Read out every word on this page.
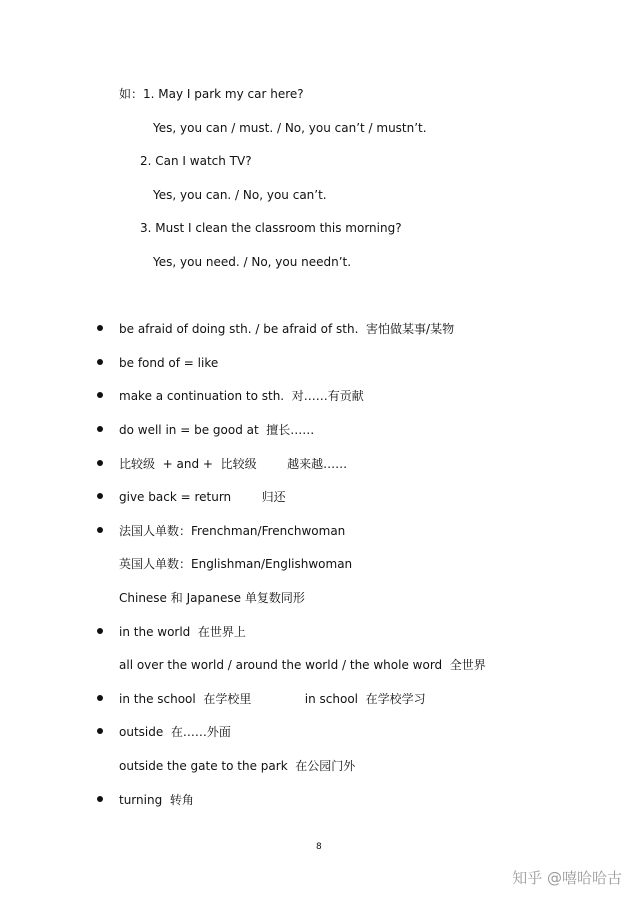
如：1. May I park my car here?
Yes, you can / must. / No, you can’t / mustn’t.
2. Can I watch TV?
Yes, you can. / No, you can’t.
3. Must I clean the classroom this morning?
Yes, you need. / No, you needn’t.
be afraid of doing sth. / be afraid of sth.  害怕做某事/某物
be fond of = like
make a continuation to sth.  对……有贡献
do well in = be good at  擅长……
比较级  + and +  比较级        越来越……
give back = return        归还
法国人单数：Frenchman/Frenchwoman
英国人单数：Englishman/Englishwoman
Chinese 和 Japanese 单复数同形
in the world  在世界上
all over the world / around the world / the whole word  全世界
in the school  在学校里              in school  在学校学习
outside  在……外面
outside the gate to the park  在公园门外
turning  转角
8
知乎 @嘻哈哈古
